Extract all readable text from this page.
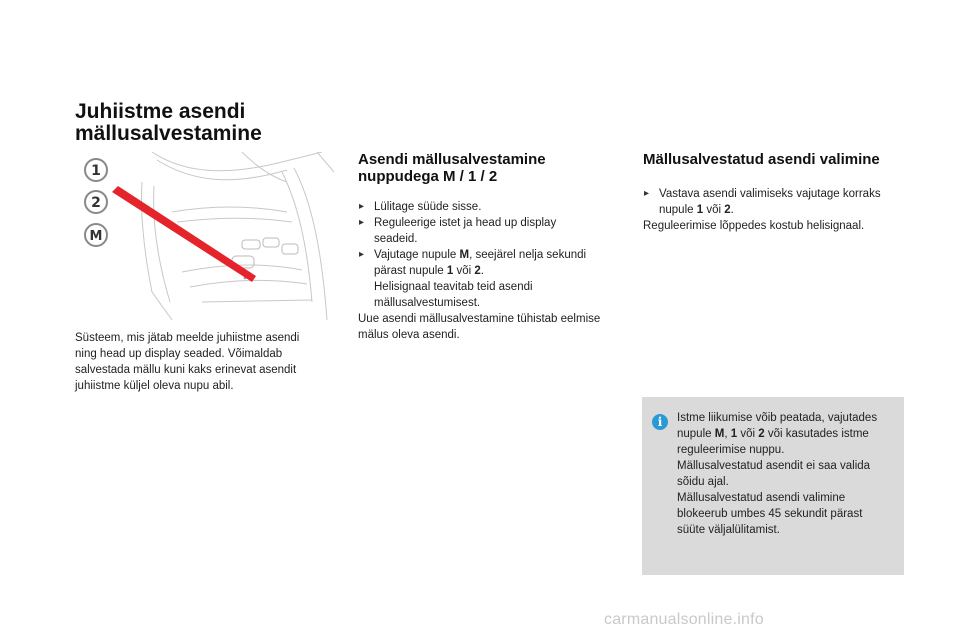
Juhiistme asendi
mällusalvestamine
1
2
M
Süsteem, mis jätab meelde juhiistme asendi
ning head up display seaded. Võimaldab
salvestada mällu kuni kaks erinevat asendit
juhiistme küljel oleva nupu abil.
Asendi mällusalvestamine
nuppudega M / 1 / 2

▸ Lülitage süüde sisse.

▸ Reguleerige istet ja head up display
seadeid.

▸ Vajutage nupule M, seejärel nelja sekundi
pärast nupule 1 või 2.
Helisignaal teavitab teid asendi
mällusalvestumisest.

Uue asendi mällusalvestamine tühistab eelmise
mälus oleva asendi.

Mällusalvestatud asendi valimine

▸ Vastava asendi valimiseks vajutage korraks
nupule 1 või 2.

Reguleerimise lõppedes kostub helisignaal.

i	Istme liikumise võib peatada, vajutades
nupule M, 1 või 2 või kasutades istme
reguleerimise nuppu.
Mällusalvestatud asendit ei saa valida
sõidu ajal.
Mällusalvestatud asendi valimine
blokeerub umbes 45 sekundit pärast
süüte väljalülitamist.
carmanualsonline.info
